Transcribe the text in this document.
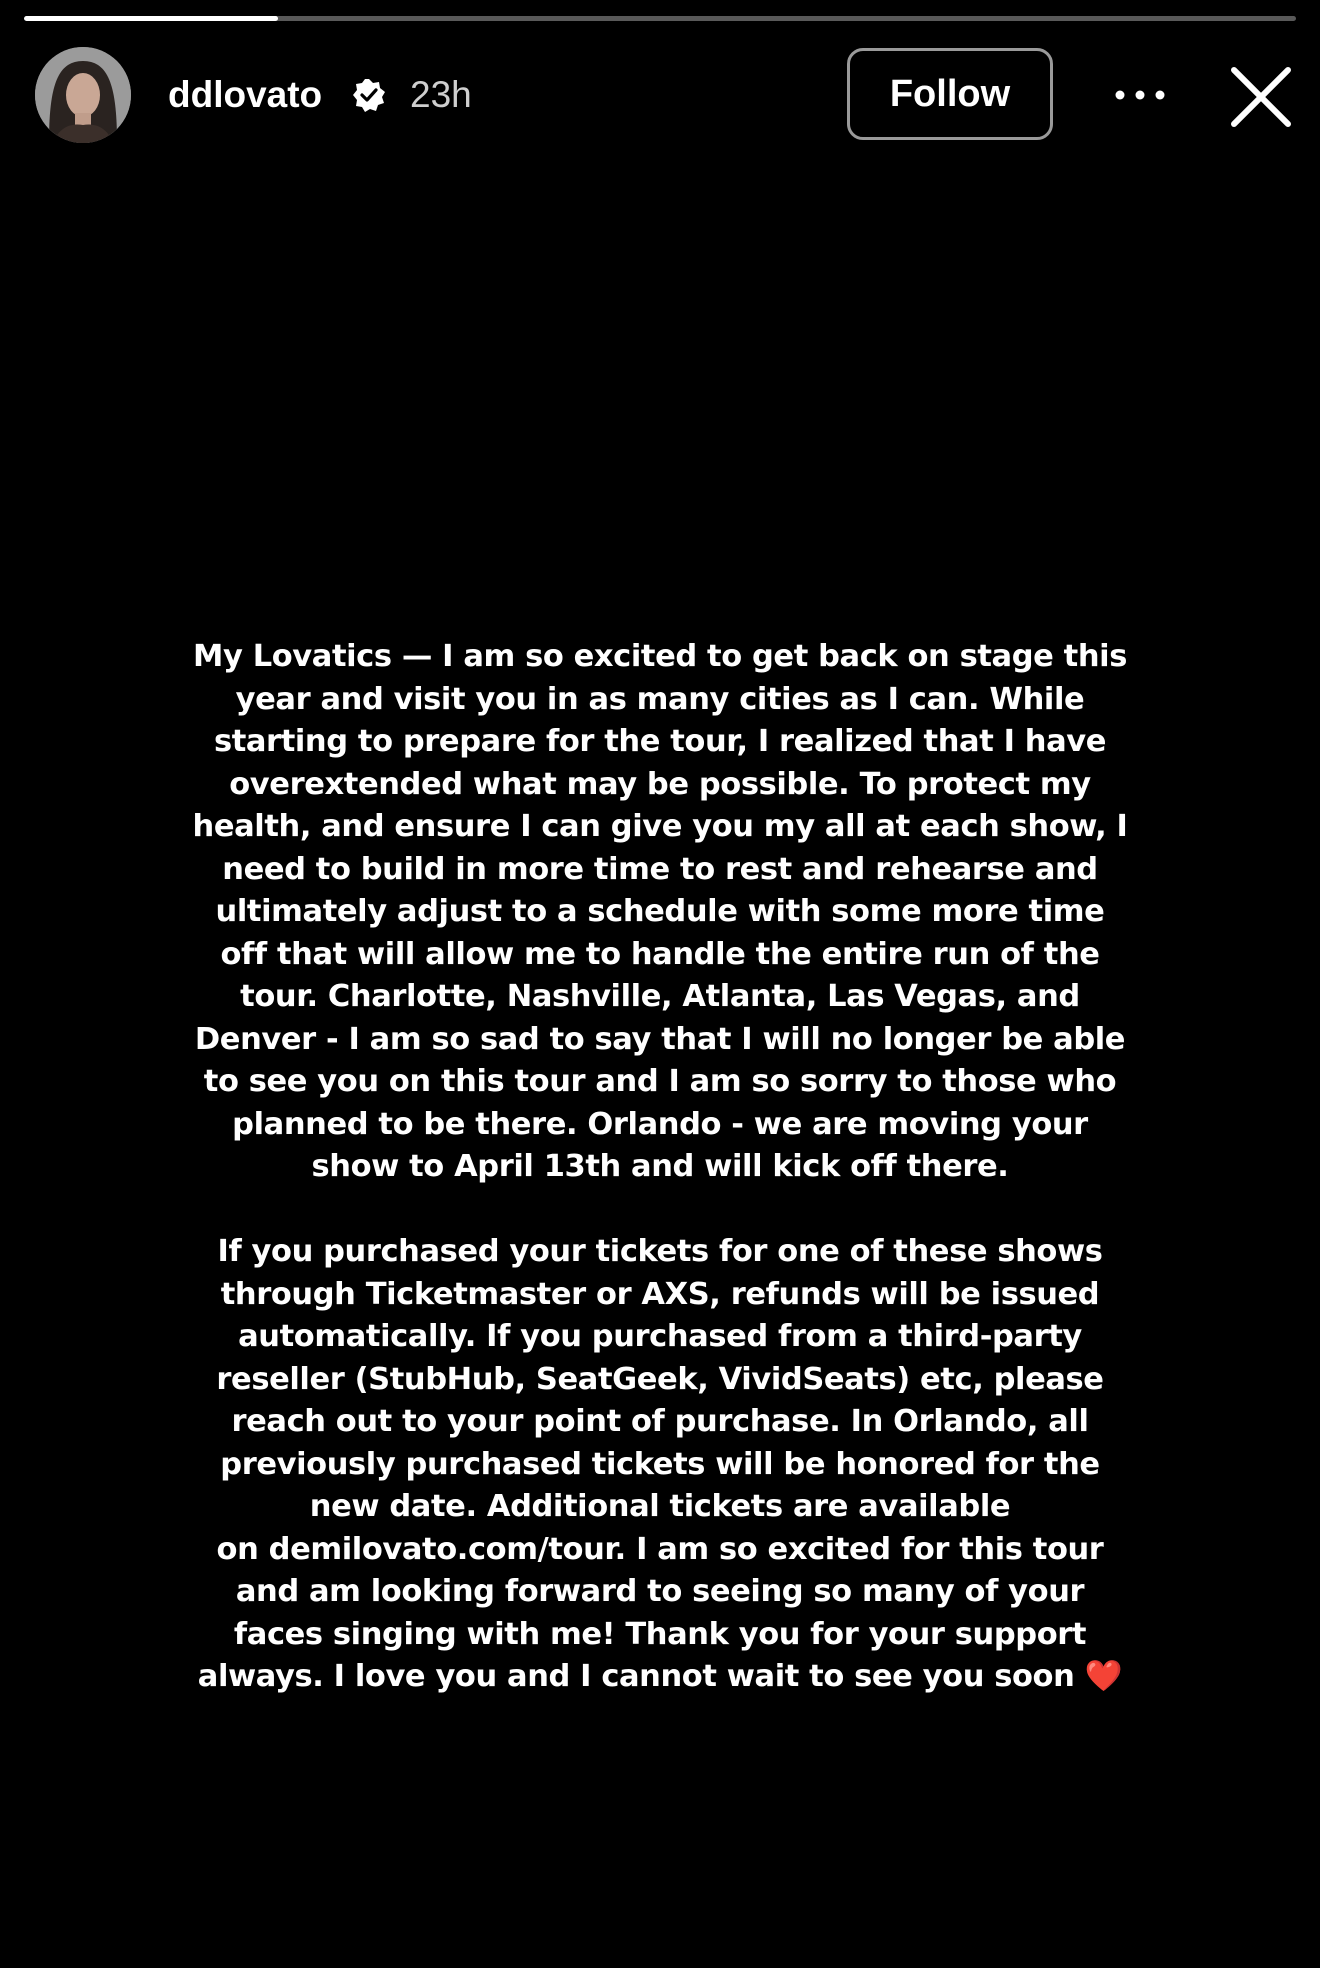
ddlovato 23h	Follow

My Lovatics — I am so excited to get back on stage this
year and visit you in as many cities as I can. While
starting to prepare for the tour, I realized that I have
overextended what may be possible. To protect my
health, and ensure I can give you my all at each show, I
need to build in more time to rest and rehearse and
ultimately adjust to a schedule with some more time
off that will allow me to handle the entire run of the
tour. Charlotte, Nashville, Atlanta, Las Vegas, and
Denver - I am so sad to say that I will no longer be able
to see you on this tour and I am so sorry to those who
planned to be there. Orlando - we are moving your
show to April 13th and will kick off there.

If you purchased your tickets for one of these shows
through Ticketmaster or AXS, refunds will be issued
automatically. If you purchased from a third-party
reseller (StubHub, SeatGeek, VividSeats) etc, please
reach out to your point of purchase. In Orlando, all
previously purchased tickets will be honored for the
new date. Additional tickets are available
on demilovato.com/tour. I am so excited for this tour
and am looking forward to seeing so many of your
faces singing with me! Thank you for your support
always. I love you and I cannot wait to see you soon ❤️
